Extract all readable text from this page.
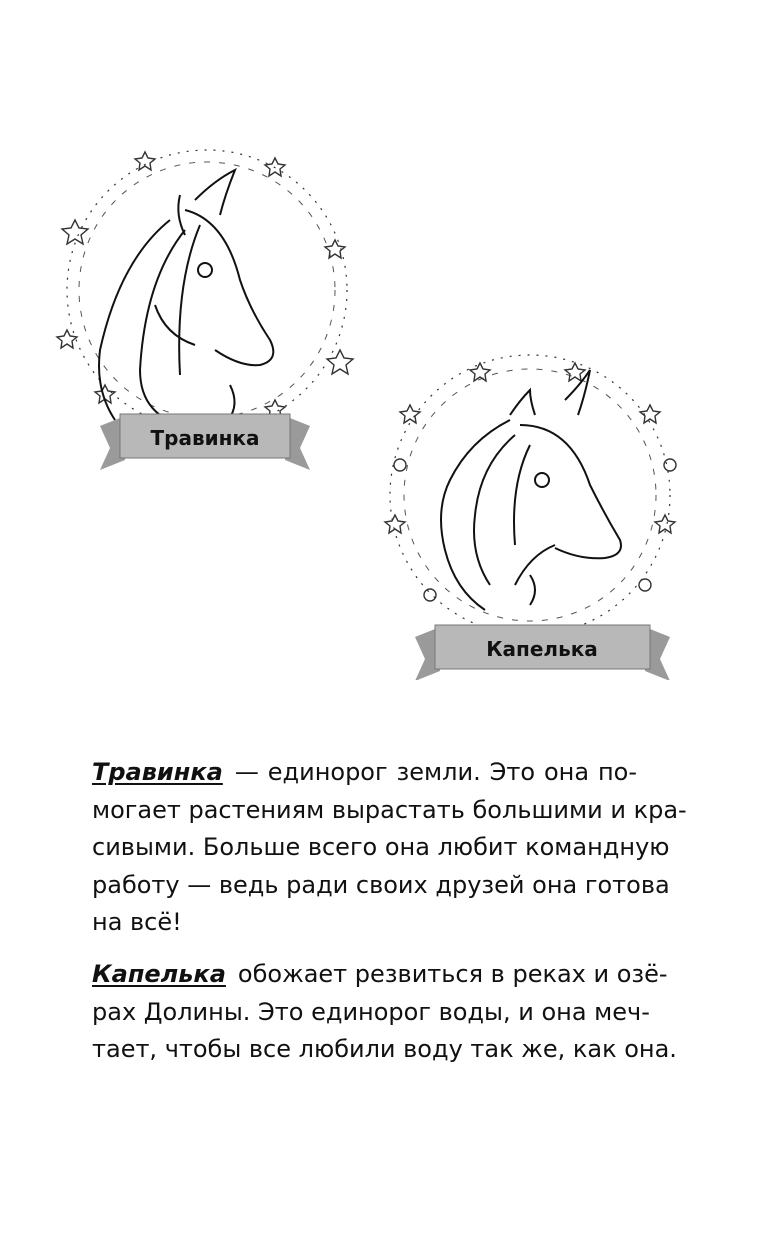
Травинка
Капелька
Травинка — единорог земли. Это она по-
могает растениям вырастать большими и кра-
сивыми. Больше всего она любит командную
работу — ведь ради своих друзей она готова
на всё!
Капелька обожает резвиться в реках и озё-
рах Долины. Это единорог воды, и она меч-
тает, чтобы все любили воду так же, как она.
